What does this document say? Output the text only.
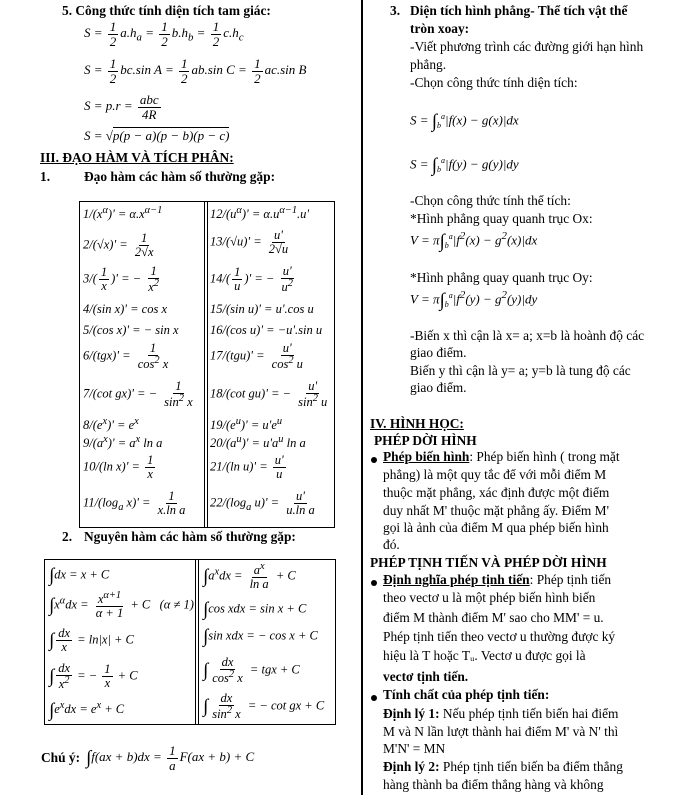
5. Công thức tính diện tích tam giác:
$S = \frac{1}{2} a.h_a = \frac{1}{2} b.h_b = \frac{1}{2} c.h_c$
$S = \frac{1}{2} bc.\sin$ $A = \frac{1}{2} ab.\sin$ $C = \frac{1}{2} ac.\sin$ B
$S = p.r = \frac{\text{abc}}{4R}$
S = √p(p − a)(p − b)(p − c)
III. ĐẠO HÀM VÀ TÍCH PHÂN:
1.	Đạo hàm các hàm số thường gặp:
$1/(x^\alpha)' = \alpha.x^{\alpha-1}$
$2/(√x)' = \frac{1}{2√x}$
$3/( \frac{1}{x}$ )' = − $\frac{1}{x^2}$
4/(sin x)' = cos x
5/(cos x)' = − sin x
$6/(tgx)' = \frac{1}{\cos^2 x}$
7/(cot gx)' = − $\frac{1}{\sin^2 x}$
$8/(e^x)' = e^x$
$9/(a^x)' = a^x$ ln a
10/(ln $x)' = \frac{1}{x}$
$11/(\log_a$ $x)' = \frac{1}{\text{x.ln a}}$
$12/(u^\alpha)' = \alpha.u^{\alpha-1}.u'$
$13/(√u)' = \frac{u'}{2√u}$
$14/( \frac{1}{u}$ )' = − $\frac{u'}{u^2}$
15/(sin u)' = u'.cos u
16/(cos u)' = −u'.sin u
$17/(tgu)' = \frac{u'}{\cos^2 u}$
18/(cot gu)' = − $\frac{u'}{\sin^2 u}$
$19/(e^u)' = u'e^u$
$20/(a^u)' = u'a^u$ ln a
21/(ln $u)' = \frac{u'}{u}$
$22/(\log_a$ $u)' = \frac{u'}{\text{u.ln a}}$
2. Nguyên hàm các hàm số thường gặp:
∫dx = x + C
$\int x^\alpha dx = \frac{x^{\alpha+1}}{\alpha + 1} + C$   (α ≠ 1)
∫ $\frac{dx}{x} = \ln|x| + C$
∫ $\frac{dx}{x^2}$ = − $\frac{1}{x} + C$
$\int e^xdx = e^x + C$
$\int a^xdx = \frac{a^x}{\text{ln a}} + C$
∫cos xdx = sin x + C
∫sin xdx = − cos x + C
∫ $\frac{dx}{\cos^2 x}$ = tgx + C
∫ $\frac{dx}{\sin^2 x}$ = − cot gx + C
Chú ý: $\int f(ax + b)dx = \frac{1}{a} F(ax + b) + C$
3. Diện tích hình phẳng- Thể tích vật thể
tròn xoay:
-Viết phương trình các đường giới hạn hình
phẳng.
-Chọn công thức tính diện tích:
$S = \int_b^a|f(x) - g(x)|dx$
$S = \int_b^a|f(y) - g(y)|dy$
-Chọn công thức tính thể tích:
*Hình phẳng quay quanh trục Ox:
$V = \pi\int_b^a|f^2(x) - g^2(x)|dx$
*Hình phẳng quay quanh trục Oy:
$V = \pi\int_b^a|f^2(y) - g^2(y)|dy$
-Biến x thì cận là x= a; x=b là hoành độ các
giao điểm.
Biến y thì cận là y= a; y=b là tung độ các
giao điểm.
IV. HÌNH HỌC:
PHÉP DỜI HÌNH
Phép biến hình: Phép biến hình ( trong mặt
phẳng) là một quy tắc để với mỗi điểm M
thuộc mặt phẳng, xác định được một điểm
duy nhất M' thuộc mặt phẳng ấy. Điểm M'
gọi là ảnh của điểm M qua phép biến hình
đó.
PHÉP TỊNH TIẾN VÀ PHÉP DỜI HÌNH
Định nghĩa phép tịnh tiến: Phép tịnh tiến
theo vectơ u là một phép biến hình biến
điểm M thành điểm M' sao cho MM' = u.
Phép tịnh tiến theo vectơ u thường được ký
hiệu là T hoặc Tᵤ. Vectơ u được gọi là
vectơ tịnh tiến.
Tính chất của phép tịnh tiến:
Định lý 1: Nếu phép tịnh tiến biến hai điểm
M và N lần lượt thành hai điểm M' và N' thì
M'N' = MN
Định lý 2: Phép tịnh tiến biến ba điểm thẳng
hàng thành ba điểm thẳng hàng và không
